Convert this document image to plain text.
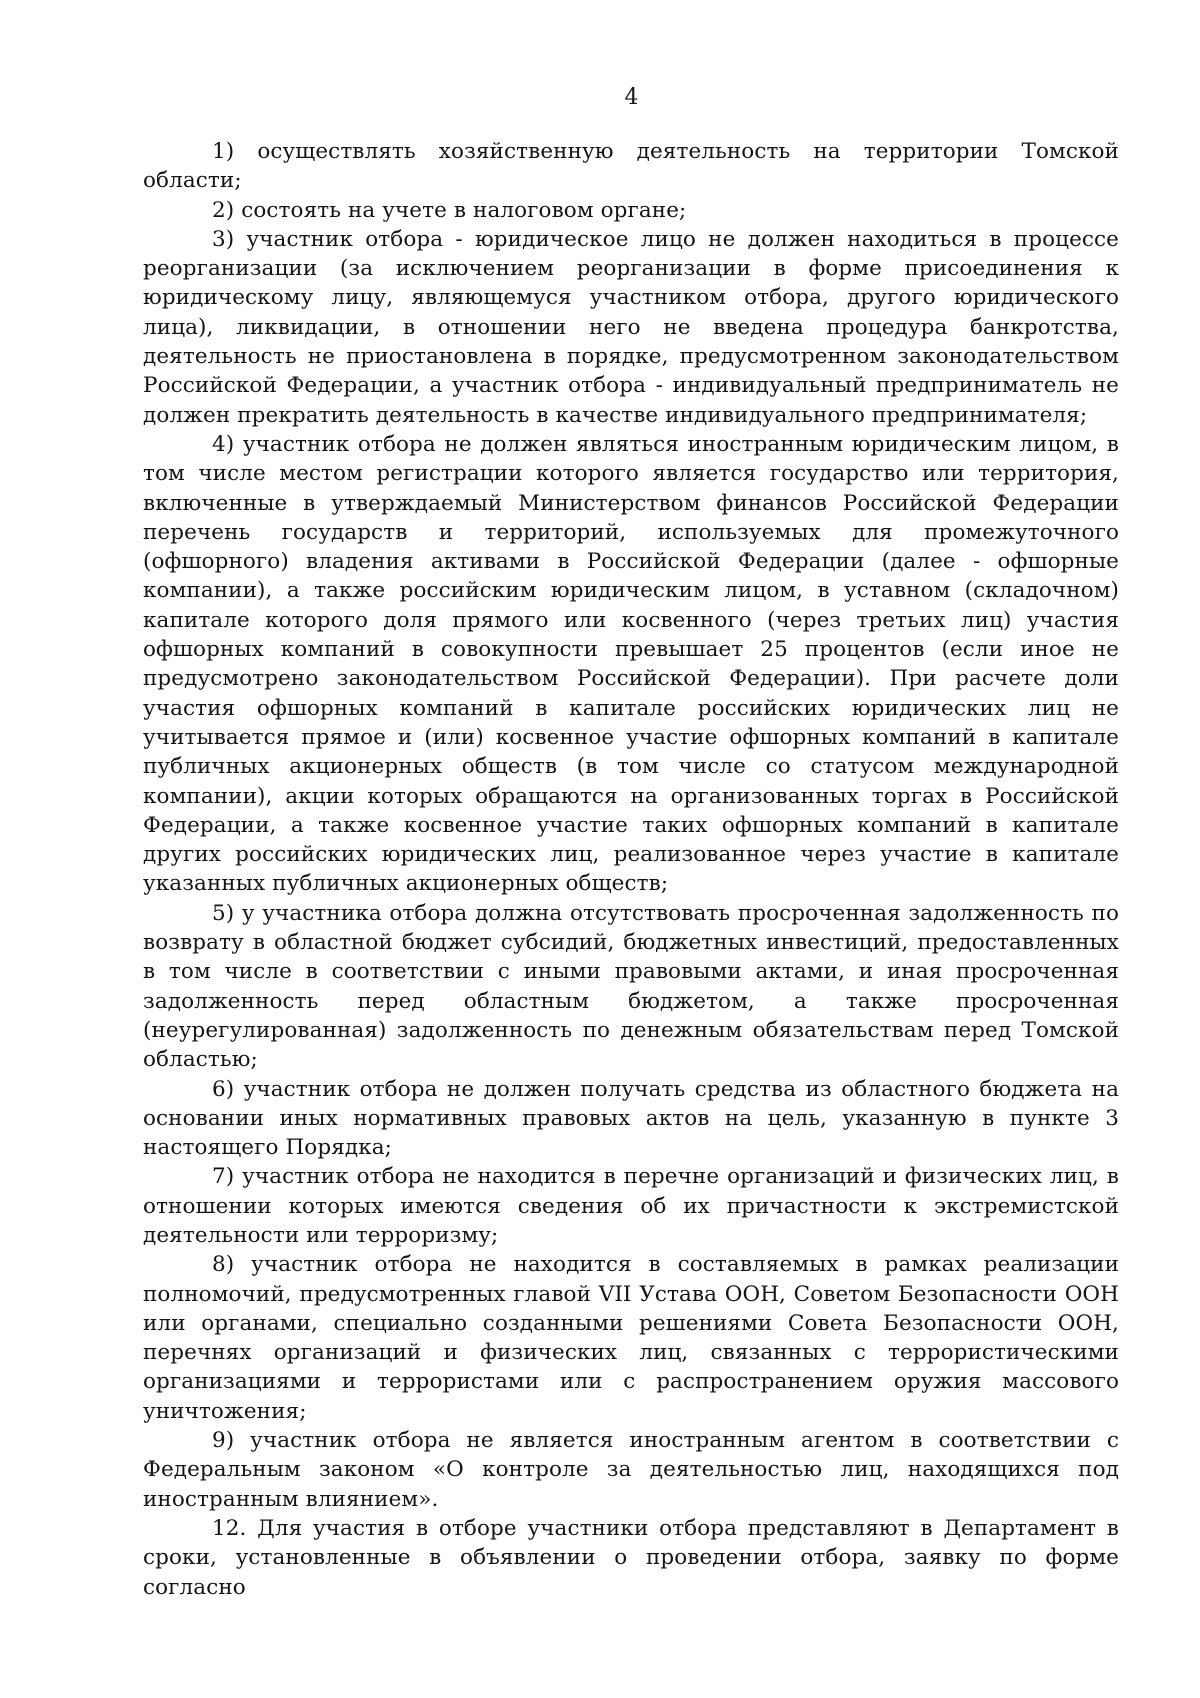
4

1) осуществлять хозяйственную деятельность на территории Томской области;

2) состоять на учете в налоговом органе;

3) участник отбора - юридическое лицо не должен находиться в процессе реорганизации (за исключением реорганизации в форме присоединения к юридическому лицу, являющемуся участником отбора, другого юридического лица), ликвидации, в отношении него не введена процедура банкротства, деятельность не приостановлена в порядке, предусмотренном законодательством Российской Федерации, а участник отбора - индивидуальный предприниматель не должен прекратить деятельность в качестве индивидуального предпринимателя;

4) участник отбора не должен являться иностранным юридическим лицом, в том числе местом регистрации которого является государство или территория, включенные в утверждаемый Министерством финансов Российской Федерации перечень государств и территорий, используемых для промежуточного (офшорного) владения активами в Российской Федерации (далее - офшорные компании), а также российским юридическим лицом, в уставном (складочном) капитале которого доля прямого или косвенного (через третьих лиц) участия офшорных компаний в совокупности превышает 25 процентов (если иное не предусмотрено законодательством Российской Федерации). При расчете доли участия офшорных компаний в капитале российских юридических лиц не учитывается прямое и (или) косвенное участие офшорных компаний в капитале публичных акционерных обществ (в том числе со статусом международной компании), акции которых обращаются на организованных торгах в Российской Федерации, а также косвенное участие таких офшорных компаний в капитале других российских юридических лиц, реализованное через участие в капитале указанных публичных акционерных обществ;

5) у участника отбора должна отсутствовать просроченная задолженность по возврату в областной бюджет субсидий, бюджетных инвестиций, предоставленных в том числе в соответствии с иными правовыми актами, и иная просроченная задолженность перед областным бюджетом, а также просроченная (неурегулированная) задолженность по денежным обязательствам перед Томской областью;

6) участник отбора не должен получать средства из областного бюджета на основании иных нормативных правовых актов на цель, указанную в пункте 3 настоящего Порядка;

7) участник отбора не находится в перечне организаций и физических лиц, в отношении которых имеются сведения об их причастности к экстремистской деятельности или терроризму;

8) участник отбора не находится в составляемых в рамках реализации полномочий, предусмотренных главой VII Устава ООН, Советом Безопасности ООН или органами, специально созданными решениями Совета Безопасности ООН, перечнях организаций и физических лиц, связанных с террористическими организациями и террористами или с распространением оружия массового уничтожения;

9) участник отбора не является иностранным агентом в соответствии с Федеральным законом «О контроле за деятельностью лиц, находящихся под иностранным влиянием».

12. Для участия в отборе участники отбора представляют в Департамент в сроки, установленные в объявлении о проведении отбора, заявку по форме согласно
